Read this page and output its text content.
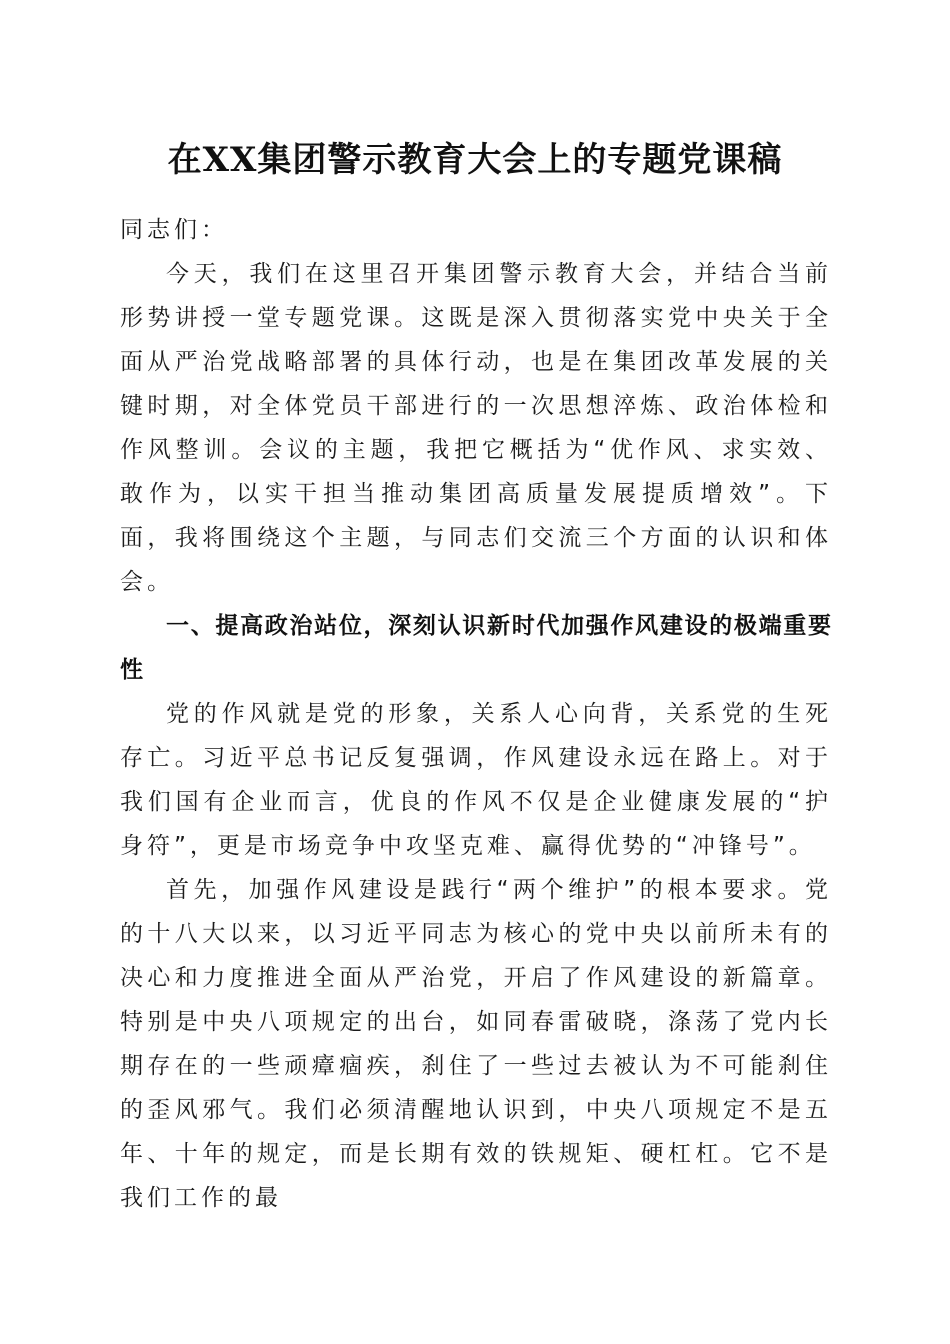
在XX集团警示教育大会上的专题党课稿

同志们：

今天，我们在这里召开集团警示教育大会，并结合当前形势讲授一堂专题党课。这既是深入贯彻落实党中央关于全面从严治党战略部署的具体行动，也是在集团改革发展的关键时期，对全体党员干部进行的一次思想淬炼、政治体检和作风整训。会议的主题，我把它概括为“优作风、求实效、敢作为，以实干担当推动集团高质量发展提质增效”。下面，我将围绕这个主题，与同志们交流三个方面的认识和体会。

一、提高政治站位，深刻认识新时代加强作风建设的极端重要性

党的作风就是党的形象，关系人心向背，关系党的生死存亡。习近平总书记反复强调，作风建设永远在路上。对于我们国有企业而言，优良的作风不仅是企业健康发展的“护身符”，更是市场竞争中攻坚克难、赢得优势的“冲锋号”。

首先，加强作风建设是践行“两个维护”的根本要求。党的十八大以来，以习近平同志为核心的党中央以前所未有的决心和力度推进全面从严治党，开启了作风建设的新篇章。特别是中央八项规定的出台，如同春雷破晓，涤荡了党内长期存在的一些顽瘴痼疾，刹住了一些过去被认为不可能刹住的歪风邪气。我们必须清醒地认识到，中央八项规定不是五年、十年的规定，而是长期有效的铁规矩、硬杠杠。它不是我们工作的最
